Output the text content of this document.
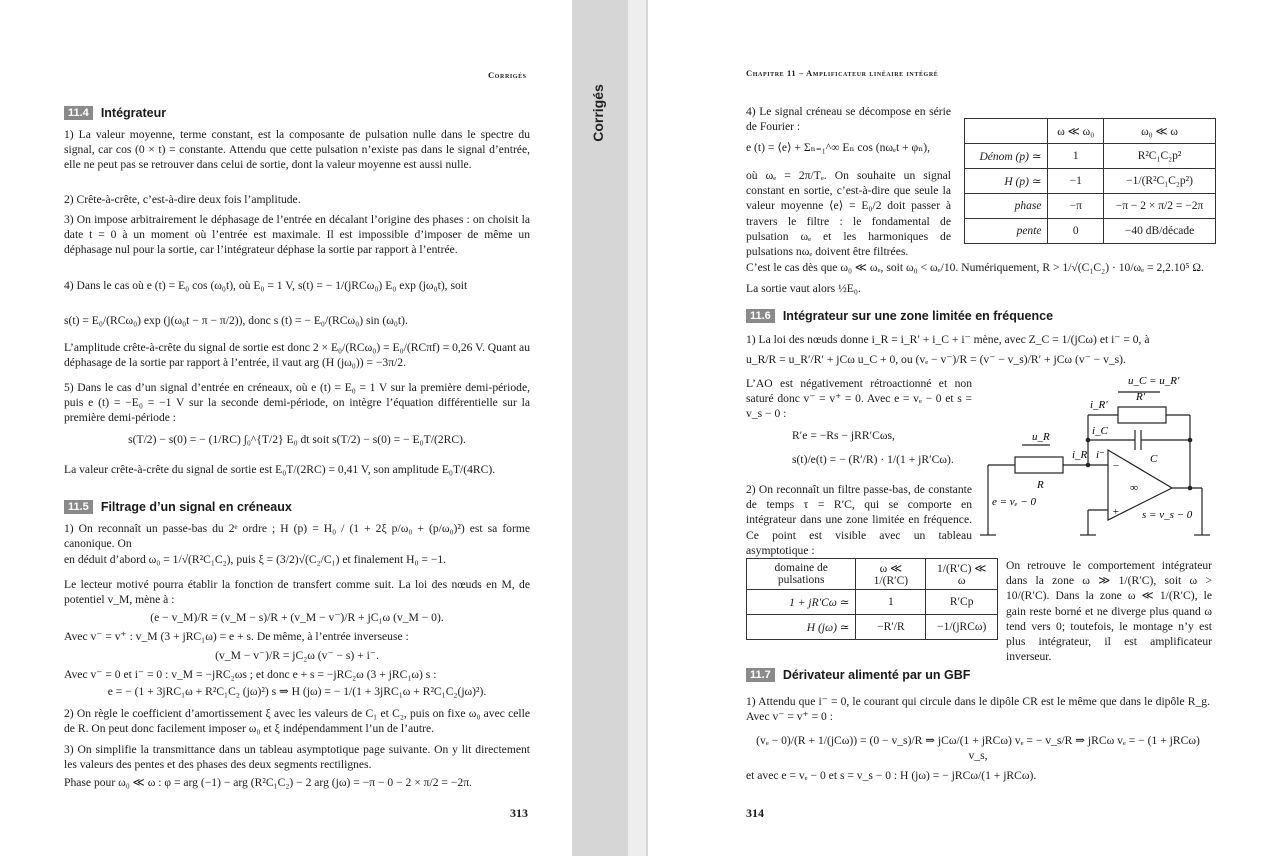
Corrigés
Corrigés
11.4 Intégrateur
1) La valeur moyenne, terme constant, est la composante de pulsation nulle dans le spectre du signal, car cos (0 × t) = constante. Attendu que cette pulsation n’existe pas dans le signal d’entrée, elle ne peut pas se retrouver dans celui de sortie, dont la valeur moyenne est aussi nulle.
2) Crête-à-crête, c’est-à-dire deux fois l’amplitude.
3) On impose arbitrairement le déphasage de l’entrée en décalant l’origine des phases : on choisit la date t = 0 à un moment où l’entrée est maximale. Il est impossible d’imposer de même un déphasage nul pour la sortie, car l’intégrateur déphase la sortie par rapport à l’entrée.
4) Dans le cas où e (t) = E₀ cos (ω₀t), où E₀ = 1 V, s(t) = − 1/(jRCω₀) E₀ exp (jω₀t), soit
s(t) = E₀/(RCω₀) exp (j(ω₀t − π − π/2)), donc s (t) = − E₀/(RCω₀) sin (ω₀t).
L’amplitude crête-à-crête du signal de sortie est donc 2 × E₀/(RCω₀) = E₀/(RCπf) = 0,26 V. Quant au déphasage de la sortie par rapport à l’entrée, il vaut arg (H (jω₀)) = −3π/2.
5) Dans le cas d’un signal d’entrée en créneaux, où e (t) = E₀ = 1 V sur la première demi-période, puis e (t) = −E₀ = −1 V sur la seconde demi-période, on intègre l’équation différentielle sur la première demi-période :
s(T/2) − s(0) = − (1/RC) ∫₀^{T/2} E₀ dt soit s(T/2) − s(0) = − E₀T/(2RC).
La valeur crête-à-crête du signal de sortie est E₀T/(2RC) = 0,41 V, son amplitude E₀T/(4RC).
11.5 Filtrage d’un signal en créneaux
1) On reconnaît un passe-bas du 2ᵉ ordre ; H (p) = H₀ / (1 + 2ξ p/ω₀ + (p/ω₀)²) est sa forme canonique. On
en déduit d’abord ω₀ = 1/√(R²C₁C₂), puis ξ = (3/2)√(C₂/C₁) et finalement H₀ = −1.
Le lecteur motivé pourra établir la fonction de transfert comme suit. La loi des nœuds en M, de potentiel v_M, mène à :
(e − v_M)/R = (v_M − s)/R + (v_M − v⁻)/R + jC₁ω (v_M − 0).
Avec v⁻ = v⁺ : v_M (3 + jRC₁ω) = e + s. De même, à l’entrée inverseuse :
(v_M − v⁻)/R = jC₂ω (v⁻ − s) + i⁻.
Avec v⁻ = 0 et i⁻ = 0 : v_M = −jRC₂ωs ; et donc e + s = −jRC₂ω (3 + jRC₁ω) s :
e = − (1 + 3jRC₁ω + R²C₁C₂ (jω)²) s ⇒ H (jω) = − 1/(1 + 3jRC₁ω + R²C₁C₂(jω)²).
2) On règle le coefficient d’amortissement ξ avec les valeurs de C₁ et C₂, puis on fixe ω₀ avec celle de R. On peut donc facilement imposer ω₀ et ξ indépendamment l’un de l’autre.
3) On simplifie la transmittance dans un tableau asymptotique page suivante. On y lit directement les valeurs des pentes et des phases des deux segments rectilignes.
Phase pour ω₀ ≪ ω : φ = arg (−1) − arg (R²C₁C₂) − 2 arg (jω) = −π − 0 − 2 × π/2 = −2π.
313
Chapitre 11 – Amplificateur linéaire intégré
4) Le signal créneau se décompose en série de Fourier :
e (t) = ⟨e⟩ + Σₙ₌₁^∞ Eₙ cos (nωₑt + φₙ),
où ωₑ = 2π/Tₑ. On souhaite un signal constant en sortie, c’est-à-dire que seule la valeur moyenne ⟨e⟩ = E₀/2 doit passer à travers le filtre : le fondamental de pulsation ωₑ et les harmoniques de pulsations nωₑ doivent être filtrées.
C’est le cas dès que ω₀ ≪ ωₑ, soit ω₀ < ωₑ/10. Numériquement, R > 1/√(C₁C₂) · 10/ωₑ = 2,2.10⁵ Ω.
La sortie vaut alors ½E₀.
	ω ≪ ω₀	ω₀ ≪ ω
Dénom (p) ≃	1	R²C₁C₂p²
H (p) ≃	−1	−1/(R²C₁C₂p²)
phase	−π	−π − 2 × π/2 = −2π
pente	0	−40 dB/décade
11.6 Intégrateur sur une zone limitée en fréquence
1) La loi des nœuds donne i_R = i_R′ + i_C + i⁻ mène, avec Z_C = 1/(jCω) et i⁻ = 0, à
u_R/R = u_R′/R′ + jCω u_C + 0, ou (vₑ − v⁻)/R = (v⁻ − v_s)/R′ + jCω (v⁻ − v_s).
L’AO est négativement rétroactionné et non saturé donc v⁻ = v⁺ = 0. Avec e = vₑ − 0 et s = v_s − 0 :
R′e = −Rs − jRR′Cωs,
s(t)/e(t) = − (R′/R) · 1/(1 + jR′Cω).
2) On reconnaît un filtre passe-bas, de constante de temps τ = R′C, qui se comporte en intégrateur dans une zone limitée en fréquence. Ce point est visible avec un tableau asymptotique :
u_C = u_R′
i_R′
R′
i_C
C
u_R
i_R i⁻
R
−
+
∞
e = vₑ − 0
s = v_s − 0
domaine de pulsations	ω ≪ 1/(R′C)	1/(R′C) ≪ ω
1 + jR′Cω ≃	1	R′Cp
H (jω) ≃	−R′/R	−1/(jRCω)
On retrouve le comportement intégrateur dans la zone ω ≫ 1/(R′C), soit ω > 10/(R′C). Dans la zone ω ≪ 1/(R′C), le gain reste borné et ne diverge plus quand ω tend vers 0; toutefois, le montage n’y est plus intégrateur, il est amplificateur inverseur.
11.7 Dérivateur alimenté par un GBF
1) Attendu que i⁻ = 0, le courant qui circule dans le dipôle CR est le même que dans le dipôle R_g. Avec v⁻ = v⁺ = 0 :
(vₑ − 0)/(R + 1/(jCω)) = (0 − v_s)/R ⇒ jCω/(1 + jRCω) vₑ = − v_s/R ⇒ jRCω vₑ = − (1 + jRCω) v_s,
et avec e = vₑ − 0 et s = v_s − 0 : H (jω) = − jRCω/(1 + jRCω).
314
